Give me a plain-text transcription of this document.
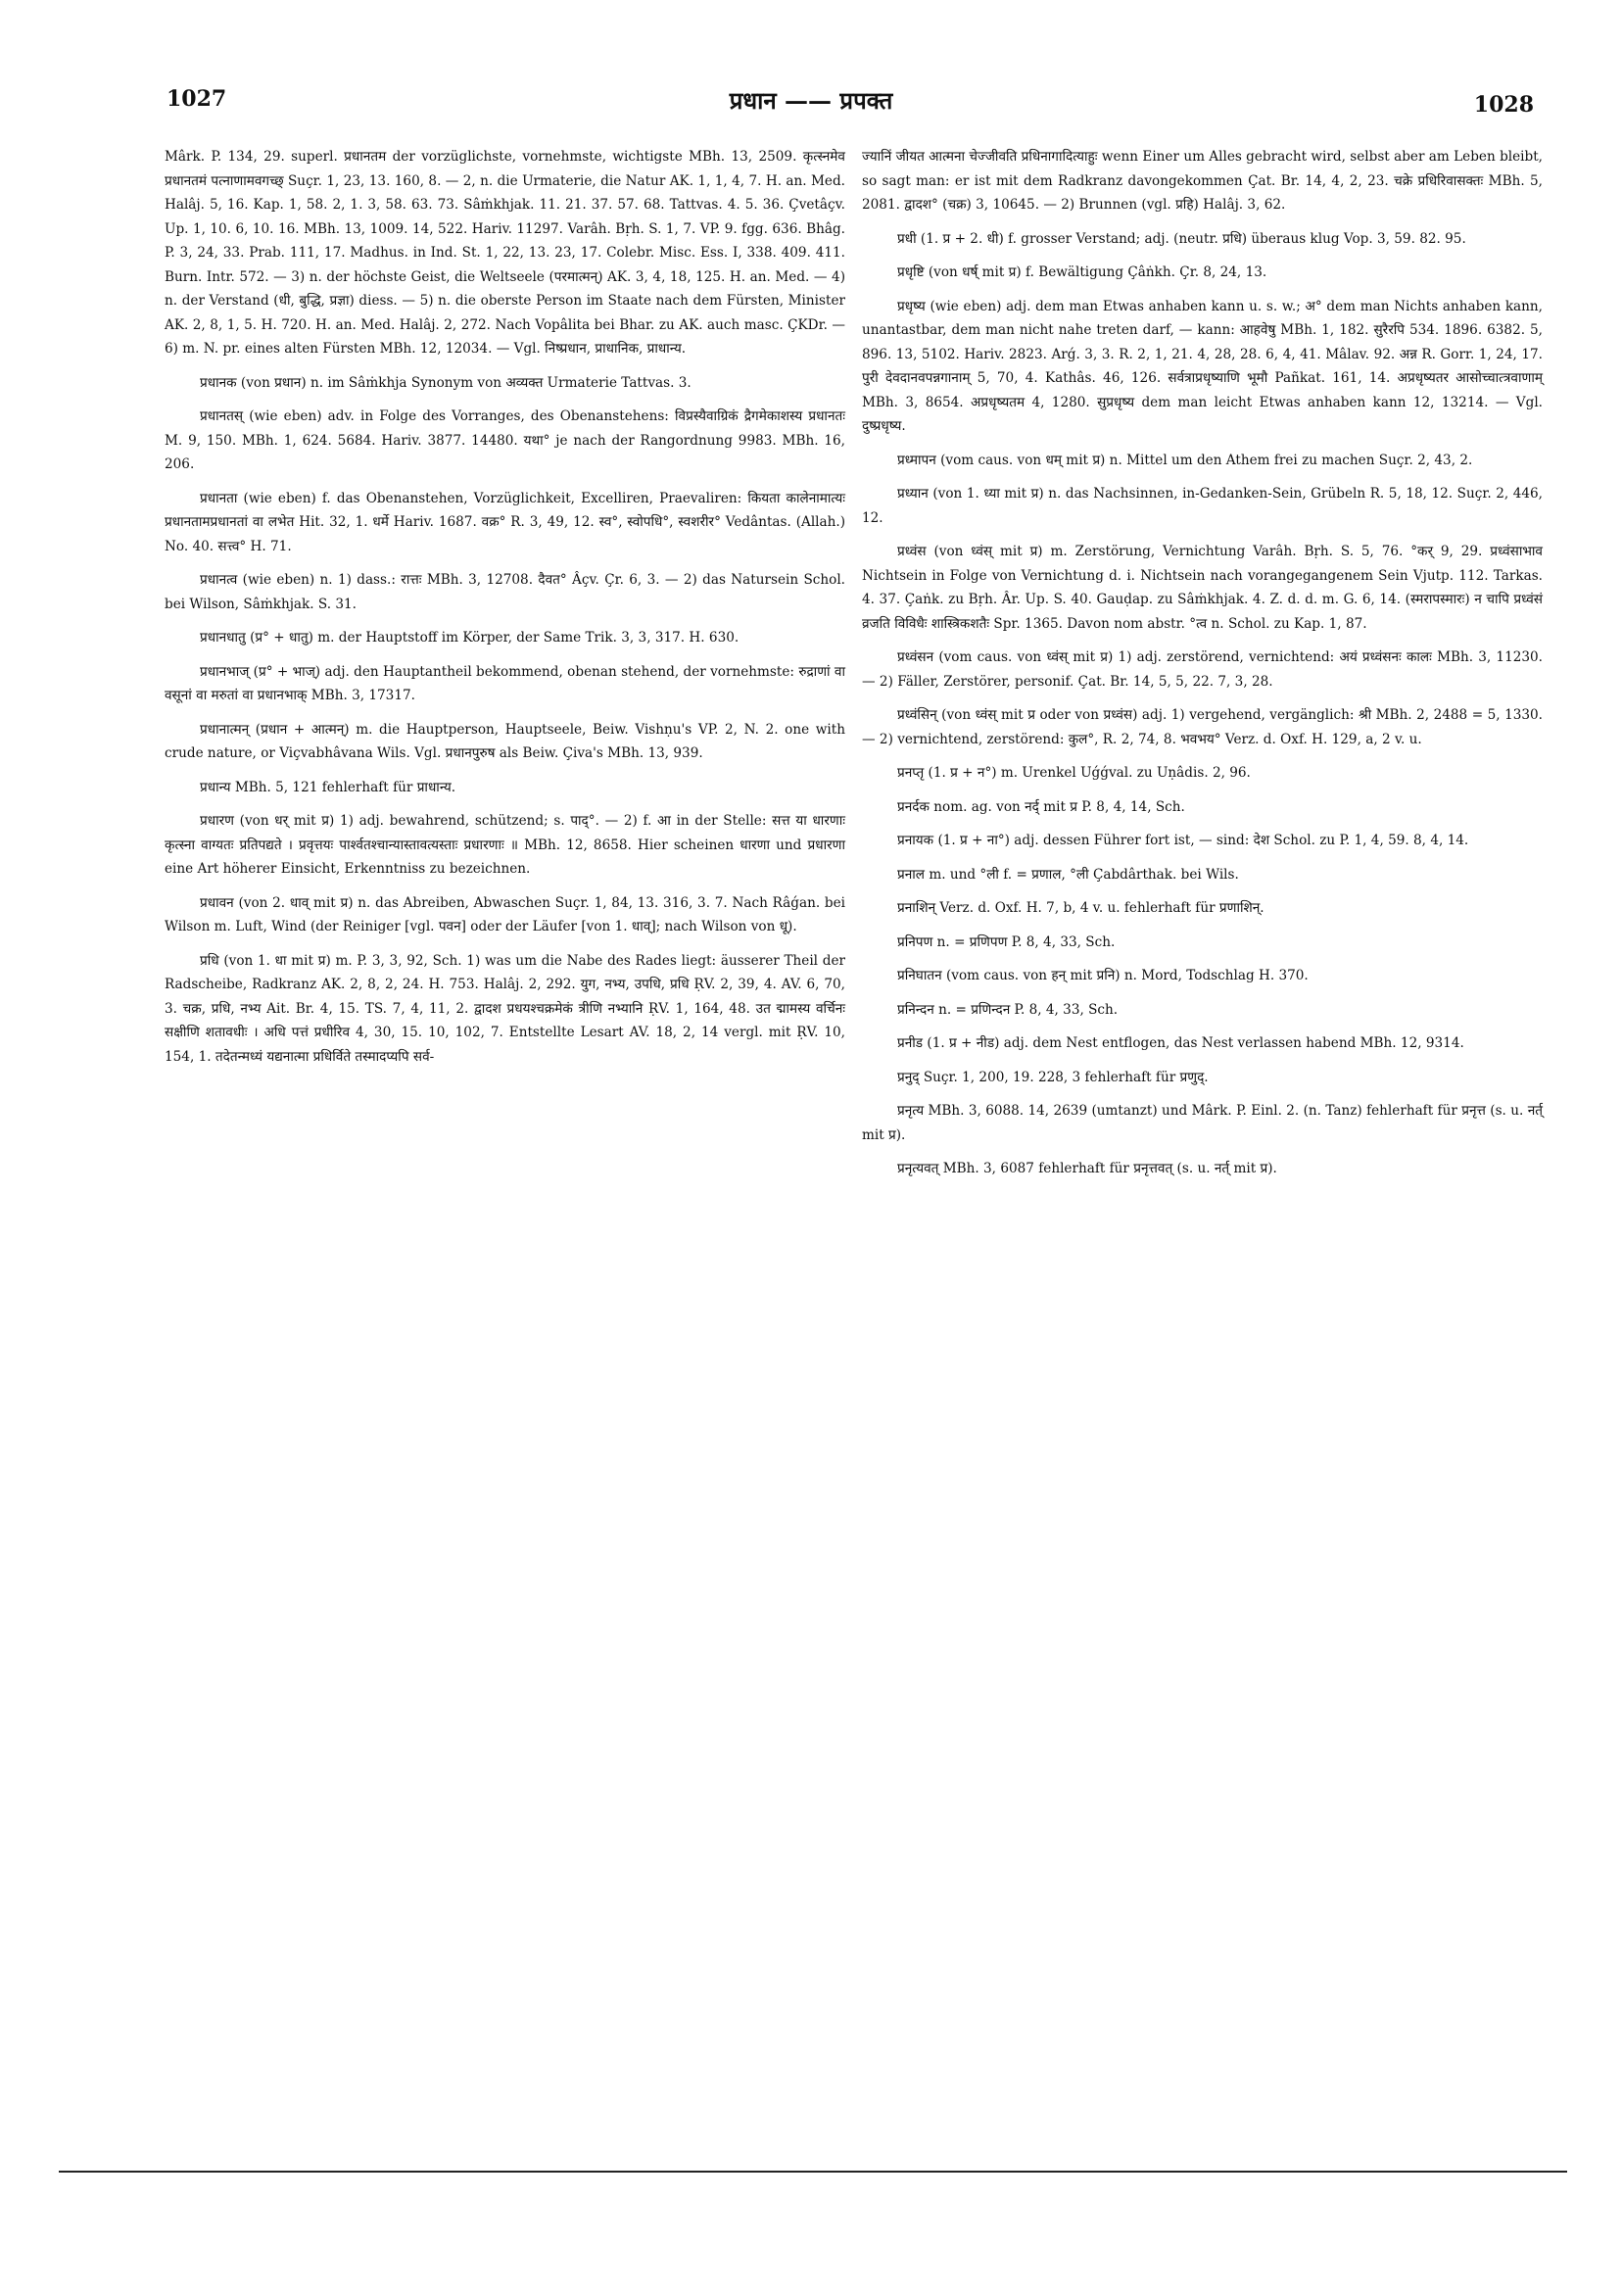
1027	प्रधान —— प्रपक्त	1028

Mârk. P. 134, 29. superl. प्रधानतम der vorzüglichste, vornehmste, wichtigste MBh. 13, 2509. कृत्स्नमेव प्रधानतमं पत्नाणामवगच्छ् Suçr. 1, 23, 13. 160, 8. — 2, n. die Urmaterie, die Natur AK. 1, 1, 4, 7. H. an. Med. Halâj. 5, 16. Kap. 1, 58. 2, 1. 3, 58. 63. 73. Sâṁkhjak. 11. 21. 37. 57. 68. Tattvas. 4. 5. 36. Çvetâçv. Up. 1, 10. 6, 10. 16. MBh. 13, 1009. 14, 522. Hariv. 11297. Varâh. Bṛh. S. 1, 7. VP. 9. fgg. 636. Bhâg. P. 3, 24, 33. Prab. 111, 17. Madhus. in Ind. St. 1, 22, 13. 23, 17. Colebr. Misc. Ess. I, 338. 409. 411. Burn. Intr. 572. — 3) n. der höchste Geist, die Weltseele (परमात्मन्) AK. 3, 4, 18, 125. H. an. Med. — 4) n. der Verstand (धी, बुद्धि, प्रज्ञा) diess. — 5) n. die oberste Person im Staate nach dem Fürsten, Minister AK. 2, 8, 1, 5. H. 720. H. an. Med. Halâj. 2, 272. Nach Vopâlita bei Bhar. zu AK. auch masc. ÇKDr. — 6) m. N. pr. eines alten Fürsten MBh. 12, 12034. — Vgl. निष्प्रधान, प्राधानिक, प्राधान्य.

प्रधानक (von प्रधान) n. im Sâṁkhja Synonym von अव्यक्त Urmaterie Tattvas. 3.

प्रधानतस् (wie eben) adv. in Folge des Vorranges, des Obenanstehens: विप्रस्यैवाग्रिकं द्रैगमेकाशस्य प्रधानतः M. 9, 150. MBh. 1, 624. 5684. Hariv. 3877. 14480. यथा° je nach der Rangordnung 9983. MBh. 16, 206.

प्रधानता (wie eben) f. das Obenanstehen, Vorzüglichkeit, Excelliren, Praevaliren: कियता कालेनामात्यः प्रधानतामप्रधानतां वा लभेत Hit. 32, 1. धर्मे Hariv. 1687. वक्र° R. 3, 49, 12. स्व°, स्वोपधि°, स्वशरीर° Vedântas. (Allah.) No. 40. सत्त्व° H. 71.

प्रधानत्व (wie eben) n. 1) dass.: रात्तः MBh. 3, 12708. दैवत° Âçv. Çr. 6, 3. — 2) das Natursein Schol. bei Wilson, Sâṁkhjak. S. 31.

प्रधानधातु (प्र° + धातु) m. der Hauptstoff im Körper, der Same Trik. 3, 3, 317. H. 630.

प्रधानभाज् (प्र° + भाज्) adj. den Hauptantheil bekommend, obenan stehend, der vornehmste: रुद्राणां वा वसूनां वा मरुतां वा प्रधानभाक् MBh. 3, 17317.

प्रधानात्मन् (प्रधान + आत्मन्) m. die Hauptperson, Hauptseele, Beiw. Vishṇu's VP. 2, N. 2. one with crude nature, or Viçvabhâvana Wils. Vgl. प्रधानपुरुष als Beiw. Çiva's MBh. 13, 939.

प्रधान्य MBh. 5, 121 fehlerhaft für प्राधान्य.

प्रधारण (von धर् mit प्र) 1) adj. bewahrend, schützend; s. पाद्°. — 2) f. आ in der Stelle: सत्त या धारणाः कृत्स्ना वाग्यतः प्रतिपद्यते । प्रवृत्तयः पार्श्वतश्चान्यास्तावत्यस्ताः प्रधारणाः ॥ MBh. 12, 8658. Hier scheinen धारणा und प्रधारणा eine Art höherer Einsicht, Erkenntniss zu bezeichnen.

प्रधावन (von 2. धाव् mit प्र) n. das Abreiben, Abwaschen Suçr. 1, 84, 13. 316, 3. 7. Nach Râǵan. bei Wilson m. Luft, Wind (der Reiniger [vgl. पवन] oder der Läufer [von 1. धाव्]; nach Wilson von धू).

प्रधि (von 1. धा mit प्र) m. P. 3, 3, 92, Sch. 1) was um die Nabe des Rades liegt: äusserer Theil der Radscheibe, Radkranz AK. 2, 8, 2, 24. H. 753. Halâj. 2, 292. युग, नभ्य, उपधि, प्रधि ṚV. 2, 39, 4. AV. 6, 70, 3. चक्र, प्रधि, नभ्य Ait. Br. 4, 15. TS. 7, 4, 11, 2. द्वादश प्रधयश्चक्रमेकं त्रीणि नभ्यानि ṚV. 1, 164, 48. उत द्मामस्य वर्चिनः सक्षीणि शतावधीः । अधि पत्तं प्रधीरिव 4, 30, 15. 10, 102, 7. Entstellte Lesart AV. 18, 2, 14 vergl. mit ṚV. 10, 154, 1. तदेतन्मध्यं यद्यनात्मा प्रधिर्विते तस्मादप्यपि सर्व-

ज्यानिं जीयत आत्मना चेज्जीवति प्रधिनागादित्याहुः wenn Einer um Alles gebracht wird, selbst aber am Leben bleibt, so sagt man: er ist mit dem Radkranz davongekommen Çat. Br. 14, 4, 2, 23. चक्रे प्रधिरिवासक्तः MBh. 5, 2081. द्वादश° (चक्र) 3, 10645. — 2) Brunnen (vgl. प्रहि) Halâj. 3, 62.

प्रधी (1. प्र + 2. धी) f. grosser Verstand; adj. (neutr. प्रधि) überaus klug Vop. 3, 59. 82. 95.

प्रधृष्टि (von धर्ष् mit प्र) f. Bewältigung Çâṅkh. Çr. 8, 24, 13.

प्रधृष्य (wie eben) adj. dem man Etwas anhaben kann u. s. w.; अ° dem man Nichts anhaben kann, unantastbar, dem man nicht nahe treten darf, — kann: आहवेषु MBh. 1, 182. सुरैरपि 534. 1896. 6382. 5, 896. 13, 5102. Hariv. 2823. Arǵ. 3, 3. R. 2, 1, 21. 4, 28, 28. 6, 4, 41. Mâlav. 92. अन्न R. Gorr. 1, 24, 17. पुरी देवदानवपन्नगानाम् 5, 70, 4. Kathâs. 46, 126. सर्वत्राप्रधृष्याणि भूमौ Pañkat. 161, 14. अप्रधृष्यतर आसोच्चात्त्रवाणाम् MBh. 3, 8654. अप्रधृष्यतम 4, 1280. सुप्रधृष्य dem man leicht Etwas anhaben kann 12, 13214. — Vgl. दुष्प्रधृष्य.

प्रध्मापन (vom caus. von धम् mit प्र) n. Mittel um den Athem frei zu machen Suçr. 2, 43, 2.

प्रध्यान (von 1. ध्या mit प्र) n. das Nachsinnen, in-Gedanken-Sein, Grübeln R. 5, 18, 12. Suçr. 2, 446, 12.

प्रध्वंस (von ध्वंस् mit प्र) m. Zerstörung, Vernichtung Varâh. Bṛh. S. 5, 76. °कर् 9, 29. प्रध्वंसाभाव Nichtsein in Folge von Vernichtung d. i. Nichtsein nach vorangegangenem Sein Vjutp. 112. Tarkas. 4. 37. Çaṅk. zu Bṛh. Âr. Up. S. 40. Gauḍap. zu Sâṁkhjak. 4. Z. d. d. m. G. 6, 14. (स्मरापस्मारः) न चापि प्रध्वंसं व्रजति विविधैः शास्त्रिकशतैः Spr. 1365. Davon nom abstr. °त्व n. Schol. zu Kap. 1, 87.

प्रध्वंसन (vom caus. von ध्वंस् mit प्र) 1) adj. zerstörend, vernichtend: अयं प्रध्वंसनः कालः MBh. 3, 11230. — 2) Fäller, Zerstörer, personif. Çat. Br. 14, 5, 5, 22. 7, 3, 28.

प्रध्वंसिन् (von ध्वंस् mit प्र oder von प्रध्वंस) adj. 1) vergehend, vergänglich: श्री MBh. 2, 2488 = 5, 1330. — 2) vernichtend, zerstörend: कुल°, R. 2, 74, 8. भवभय° Verz. d. Oxf. H. 129, a, 2 v. u.

प्रनप्तृ (1. प्र + न°) m. Urenkel Uǵǵval. zu Uṇâdis. 2, 96.

प्रनर्दक nom. ag. von नर्द् mit प्र P. 8, 4, 14, Sch.

प्रनायक (1. प्र + ना°) adj. dessen Führer fort ist, — sind: देश Schol. zu P. 1, 4, 59. 8, 4, 14.

प्रनाल m. und °ली f. = प्रणाल, °ली Çabdârthak. bei Wils.

प्रनाशिन् Verz. d. Oxf. H. 7, b, 4 v. u. fehlerhaft für प्रणाशिन्.

प्रनिपण n. = प्रणिपण P. 8, 4, 33, Sch.

प्रनिघातन (vom caus. von हन् mit प्रनि) n. Mord, Todschlag H. 370.

प्रनिन्दन n. = प्रणिन्दन P. 8, 4, 33, Sch.

प्रनीड (1. प्र + नीड) adj. dem Nest entflogen, das Nest verlassen habend MBh. 12, 9314.

प्रनुद् Suçr. 1, 200, 19. 228, 3 fehlerhaft für प्रणुद्.

प्रनृत्य MBh. 3, 6088. 14, 2639 (umtanzt) und Mârk. P. Einl. 2. (n. Tanz) fehlerhaft für प्रनृत्त (s. u. नर्त् mit प्र).

प्रनृत्यवत् MBh. 3, 6087 fehlerhaft für प्रनृत्तवत् (s. u. नर्त् mit प्र).
